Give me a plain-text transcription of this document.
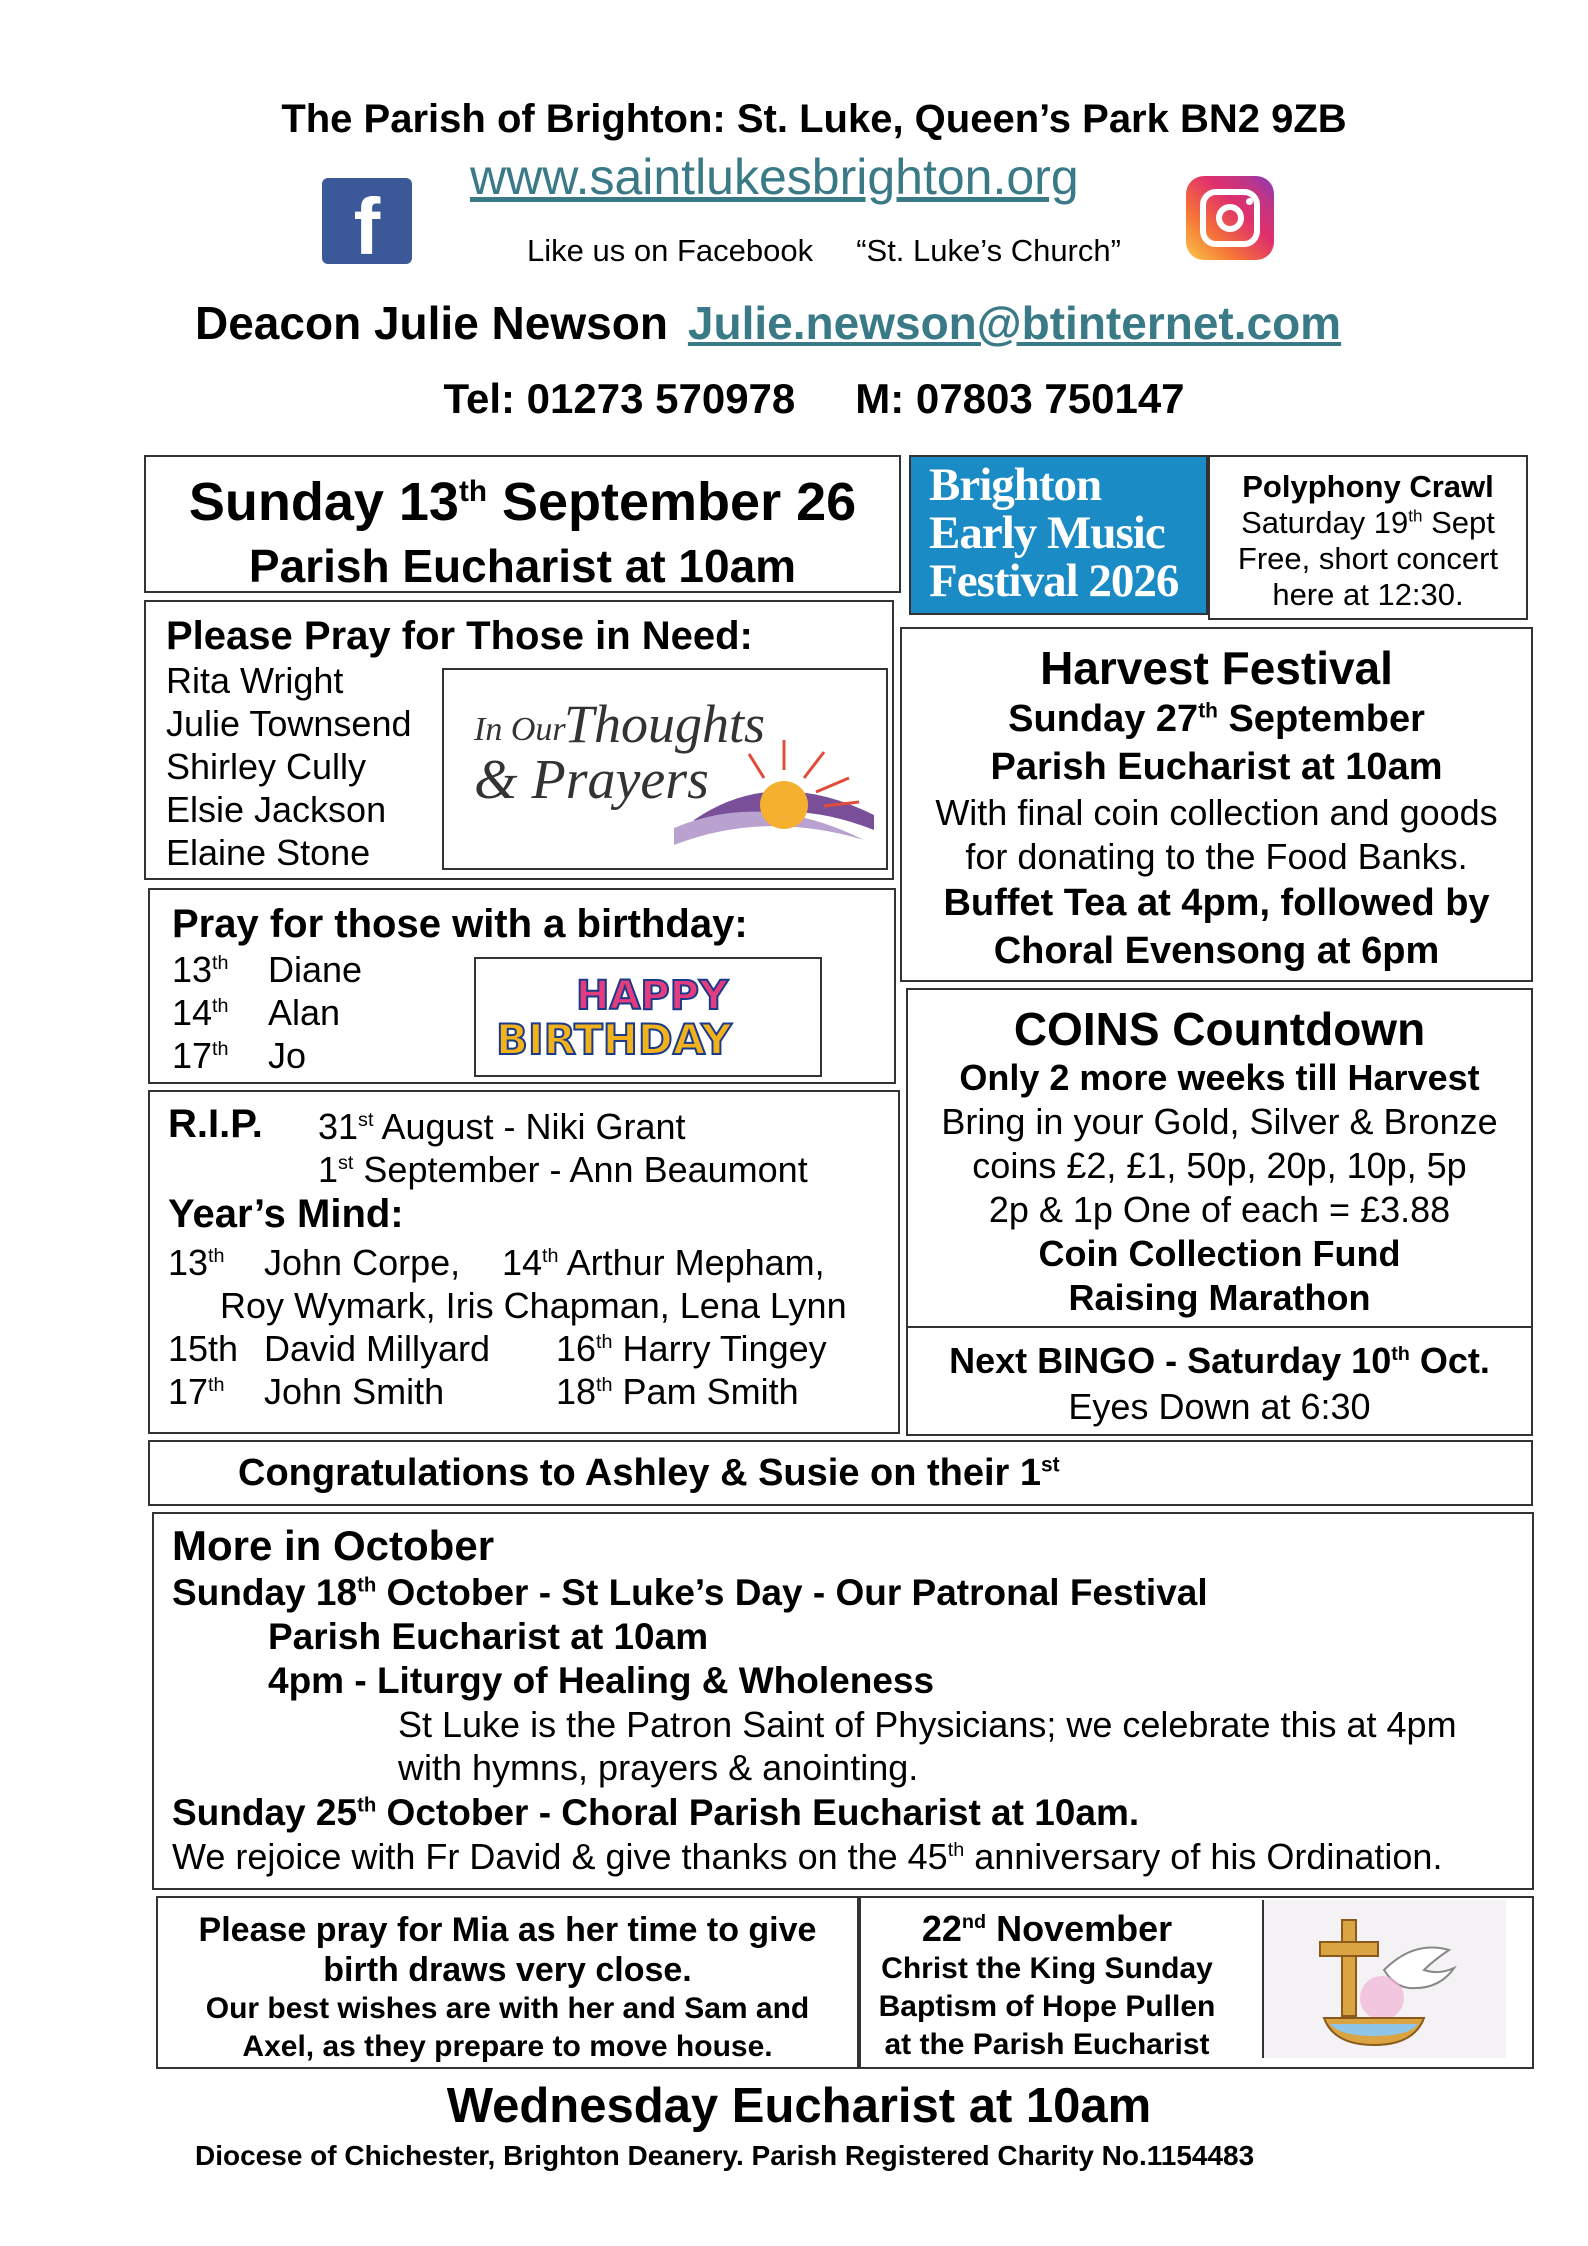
The Parish of Brighton: St. Luke, Queen’s Park BN2 9ZB
www.saintlukesbrighton.org
f	Like us on Facebook “St. Luke’s Church”
Deacon Julie Newson Julie.newson@btinternet.com
Tel: 01273 570978 M: 07803 750147
Sunday 13th September 26
Parish Eucharist at 10am
Brighton
Early Music
Festival 2026
Polyphony Crawl
Saturday 19th Sept
Free, short concert
here at 12:30.
Please Pray for Those in Need:
Rita Wright
Julie Townsend
Shirley Cully
Elsie Jackson
Elaine Stone
In Our
Thoughts
& Prayers
Harvest Festival
Sunday 27th September
Parish Eucharist at 10am
With final coin collection and goods
for donating to the Food Banks.
Buffet Tea at 4pm, followed by
Choral Evensong at 6pm
Pray for those with a birthday:
13th Diane
14th Alan
17th Jo
HAPPY
BIRTHDAY	COINS Countdown
Only 2 more weeks till Harvest
Bring in your Gold, Silver & Bronze
coins £2, £1, 50p, 20p, 10p, 5p
2p & 1p One of each = £3.88
Coin Collection Fund
Raising Marathon
R.I.P. 31st August - Niki Grant
1st September - Ann Beaumont
Year’s Mind:
13th John Corpe, 14th Arthur Mepham,
Roy Wymark, Iris Chapman, Lena Lynn
15th David Millyard 16th Harry Tingey
17th John Smith	18th Pam Smith
Next BINGO - Saturday 10th Oct.
Eyes Down at 6:30
Congratulations to Ashley & Susie on their 1st
More in October
Sunday 18th October - St Luke’s Day - Our Patronal Festival
Parish Eucharist at 10am
4pm - Liturgy of Healing & Wholeness
St Luke is the Patron Saint of Physicians; we celebrate this at 4pm
with hymns, prayers & anointing.
Sunday 25th October - Choral Parish Eucharist at 10am.
We rejoice with Fr David & give thanks on the 45th anniversary of his Ordination.
Please pray for Mia as her time to give
birth draws very close.
Our best wishes are with her and Sam and
Axel, as they prepare to move house.
22nd November
Christ the King Sunday
Baptism of Hope Pullen
at the Parish Eucharist
Wednesday Eucharist at 10am
Diocese of Chichester, Brighton Deanery. Parish Registered Charity No.1154483
